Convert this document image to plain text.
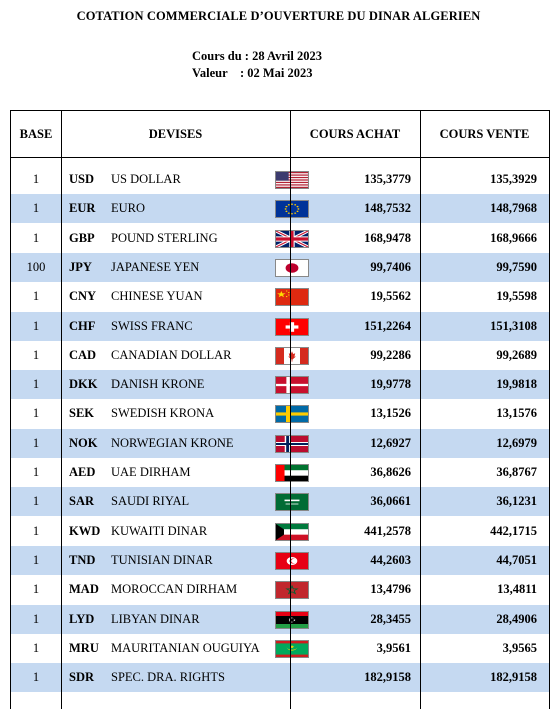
COTATION COMMERCIALE D’OUVERTURE DU DINAR ALGERIEN
Cours du : 28 Avril 2023
Valeur : 02 Mai 2023
BASE	DEVISES	COURS ACHAT	COURS VENTE
1	USD US DOLLAR	135,3779	135,3929
1	EUR EURO	148,7532	148,7968
1	GBP POUND STERLING	168,9478	168,9666
100	JPY JAPANESE YEN	99,7406	99,7590
1	CNY CHINESE YUAN	19,5562	19,5598
1	CHF SWISS FRANC	151,2264	151,3108
1	CAD CANADIAN DOLLAR	99,2286	99,2689
1	DKK DANISH KRONE	19,9778	19,9818
1	SEK SWEDISH KRONA	13,1526	13,1576
1	NOK NORWEGIAN KRONE	12,6927	12,6979
1	AED UAE DIRHAM	36,8626	36,8767
1	SAR SAUDI RIYAL	36,0661	36,1231
1	KWD KUWAITI DINAR	441,2578	442,1715
1	TND TUNISIAN DINAR	44,2603	44,7051
1	MAD MOROCCAN DIRHAM	13,4796	13,4811
1	LYD LIBYAN DINAR	28,3455	28,4906
1	MRU MAURITANIAN OUGUIYA	3,9561	3,9565
1	SDR SPEC. DRA. RIGHTS	182,9158	182,9158
